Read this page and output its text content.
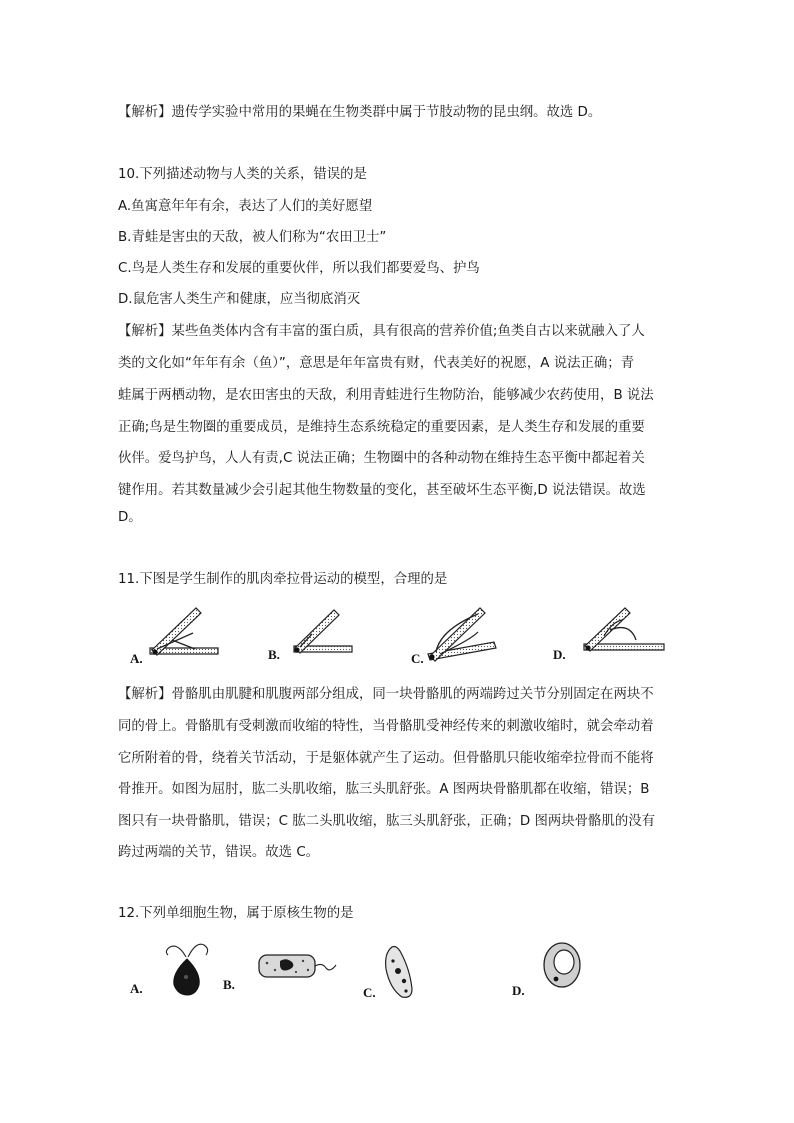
【解析】遗传学实验中常用的果蝇在生物类群中属于节肢动物的昆虫纲。故选 D。
10.下列描述动物与人类的关系，错误的是
A.鱼寓意年年有余，表达了人们的美好愿望
B.青蛙是害虫的天敌，被人们称为“农田卫士”
C.鸟是人类生存和发展的重要伙伴，所以我们都要爱鸟、护鸟
D.鼠危害人类生产和健康，应当彻底消灭
【解析】某些鱼类体内含有丰富的蛋白质，具有很高的营养价值;鱼类自古以来就融入了人
类的文化如“年年有余（鱼）”，意思是年年富贵有财，代表美好的祝愿，A 说法正确；青
蛙属于两栖动物，是农田害虫的天敌，利用青蛙进行生物防治，能够减少农药使用，B 说法
正确;鸟是生物圈的重要成员，是维持生态系统稳定的重要因素，是人类生存和发展的重要
伙伴。爱鸟护鸟，人人有责,C 说法正确；生物圈中的各种动物在维持生态平衡中都起着关
键作用。若其数量减少会引起其他生物数量的变化，甚至破坏生态平衡,D 说法错误。故选
D。
11.下图是学生制作的肌肉牵拉骨运动的模型，合理的是
A.	B.	C.	D.
【解析】骨骼肌由肌腱和肌腹两部分组成，同一块骨骼肌的两端跨过关节分别固定在两块不
同的骨上。骨骼肌有受刺激而收缩的特性，当骨骼肌受神经传来的刺激收缩时，就会牵动着
它所附着的骨，绕着关节活动，于是躯体就产生了运动。但骨骼肌只能收缩牵拉骨而不能将
骨推开。如图为屈肘，肱二头肌收缩，肱三头肌舒张。A 图两块骨骼肌都在收缩，错误；B
图只有一块骨骼肌，错误；C 肱二头肌收缩，肱三头肌舒张，正确；D 图两块骨骼肌的没有
跨过两端的关节，错误。故选 C。
12.下列单细胞生物，属于原核生物的是
A.	B.
C.	D.
